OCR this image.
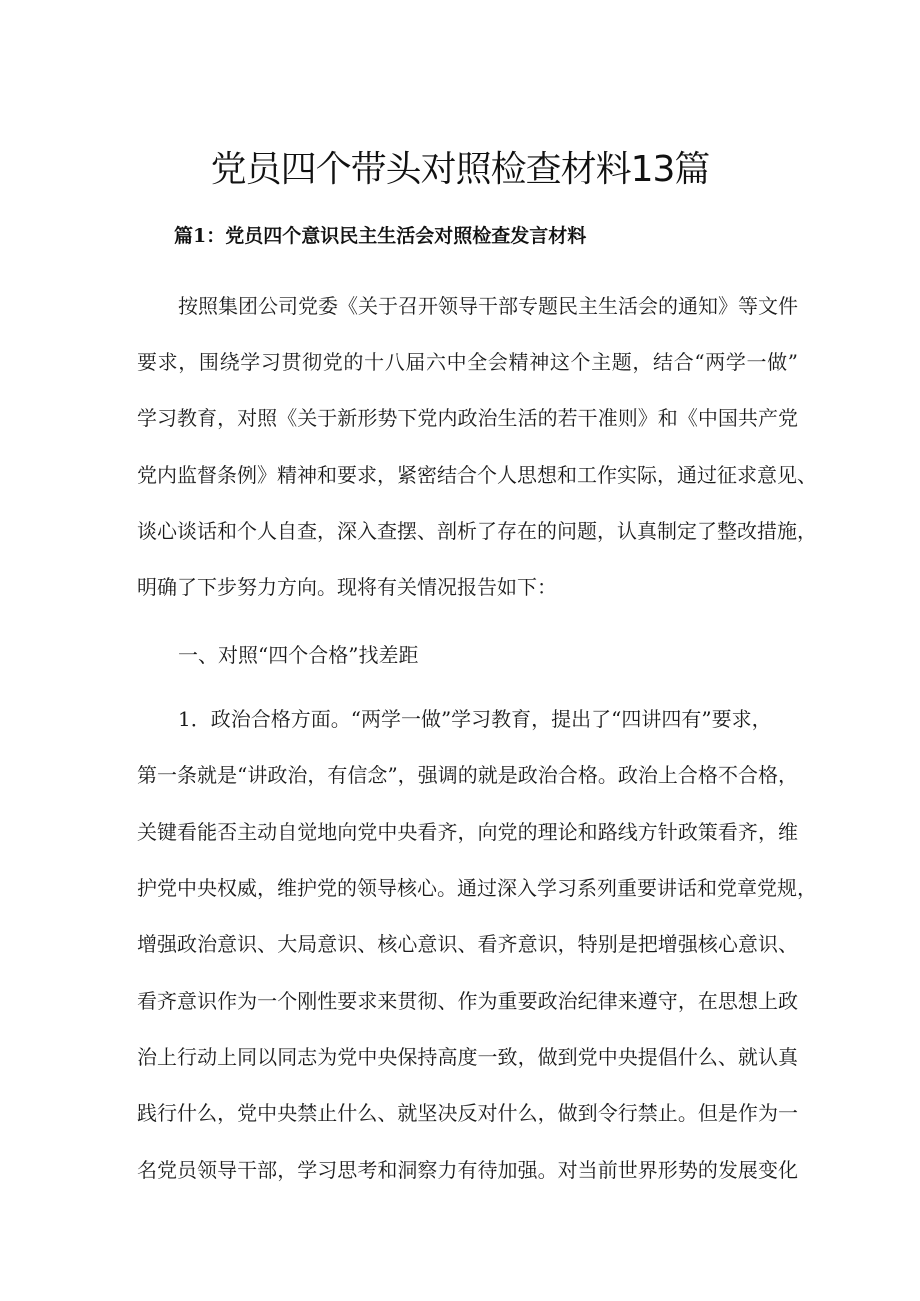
党员四个带头对照检查材料13篇
篇1：党员四个意识民主生活会对照检查发言材料
按照集团公司党委《关于召开领导干部专题民主生活会的通知》等文件
要求，围绕学习贯彻党的十八届六中全会精神这个主题，结合“两学一做”
学习教育，对照《关于新形势下党内政治生活的若干准则》和《中国共产党
党内监督条例》精神和要求，紧密结合个人思想和工作实际，通过征求意见、
谈心谈话和个人自查，深入查摆、剖析了存在的问题，认真制定了整改措施，
明确了下步努力方向。现将有关情况报告如下：
一、对照“四个合格”找差距
1．政治合格方面。“两学一做”学习教育，提出了“四讲四有”要求，
第一条就是“讲政治，有信念”，强调的就是政治合格。政治上合格不合格，
关键看能否主动自觉地向党中央看齐，向党的理论和路线方针政策看齐，维
护党中央权威，维护党的领导核心。通过深入学习系列重要讲话和党章党规，
增强政治意识、大局意识、核心意识、看齐意识，特别是把增强核心意识、
看齐意识作为一个刚性要求来贯彻、作为重要政治纪律来遵守，在思想上政
治上行动上同以同志为党中央保持高度一致，做到党中央提倡什么、就认真
践行什么，党中央禁止什么、就坚决反对什么，做到令行禁止。但是作为一
名党员领导干部，学习思考和洞察力有待加强。对当前世界形势的发展变化
